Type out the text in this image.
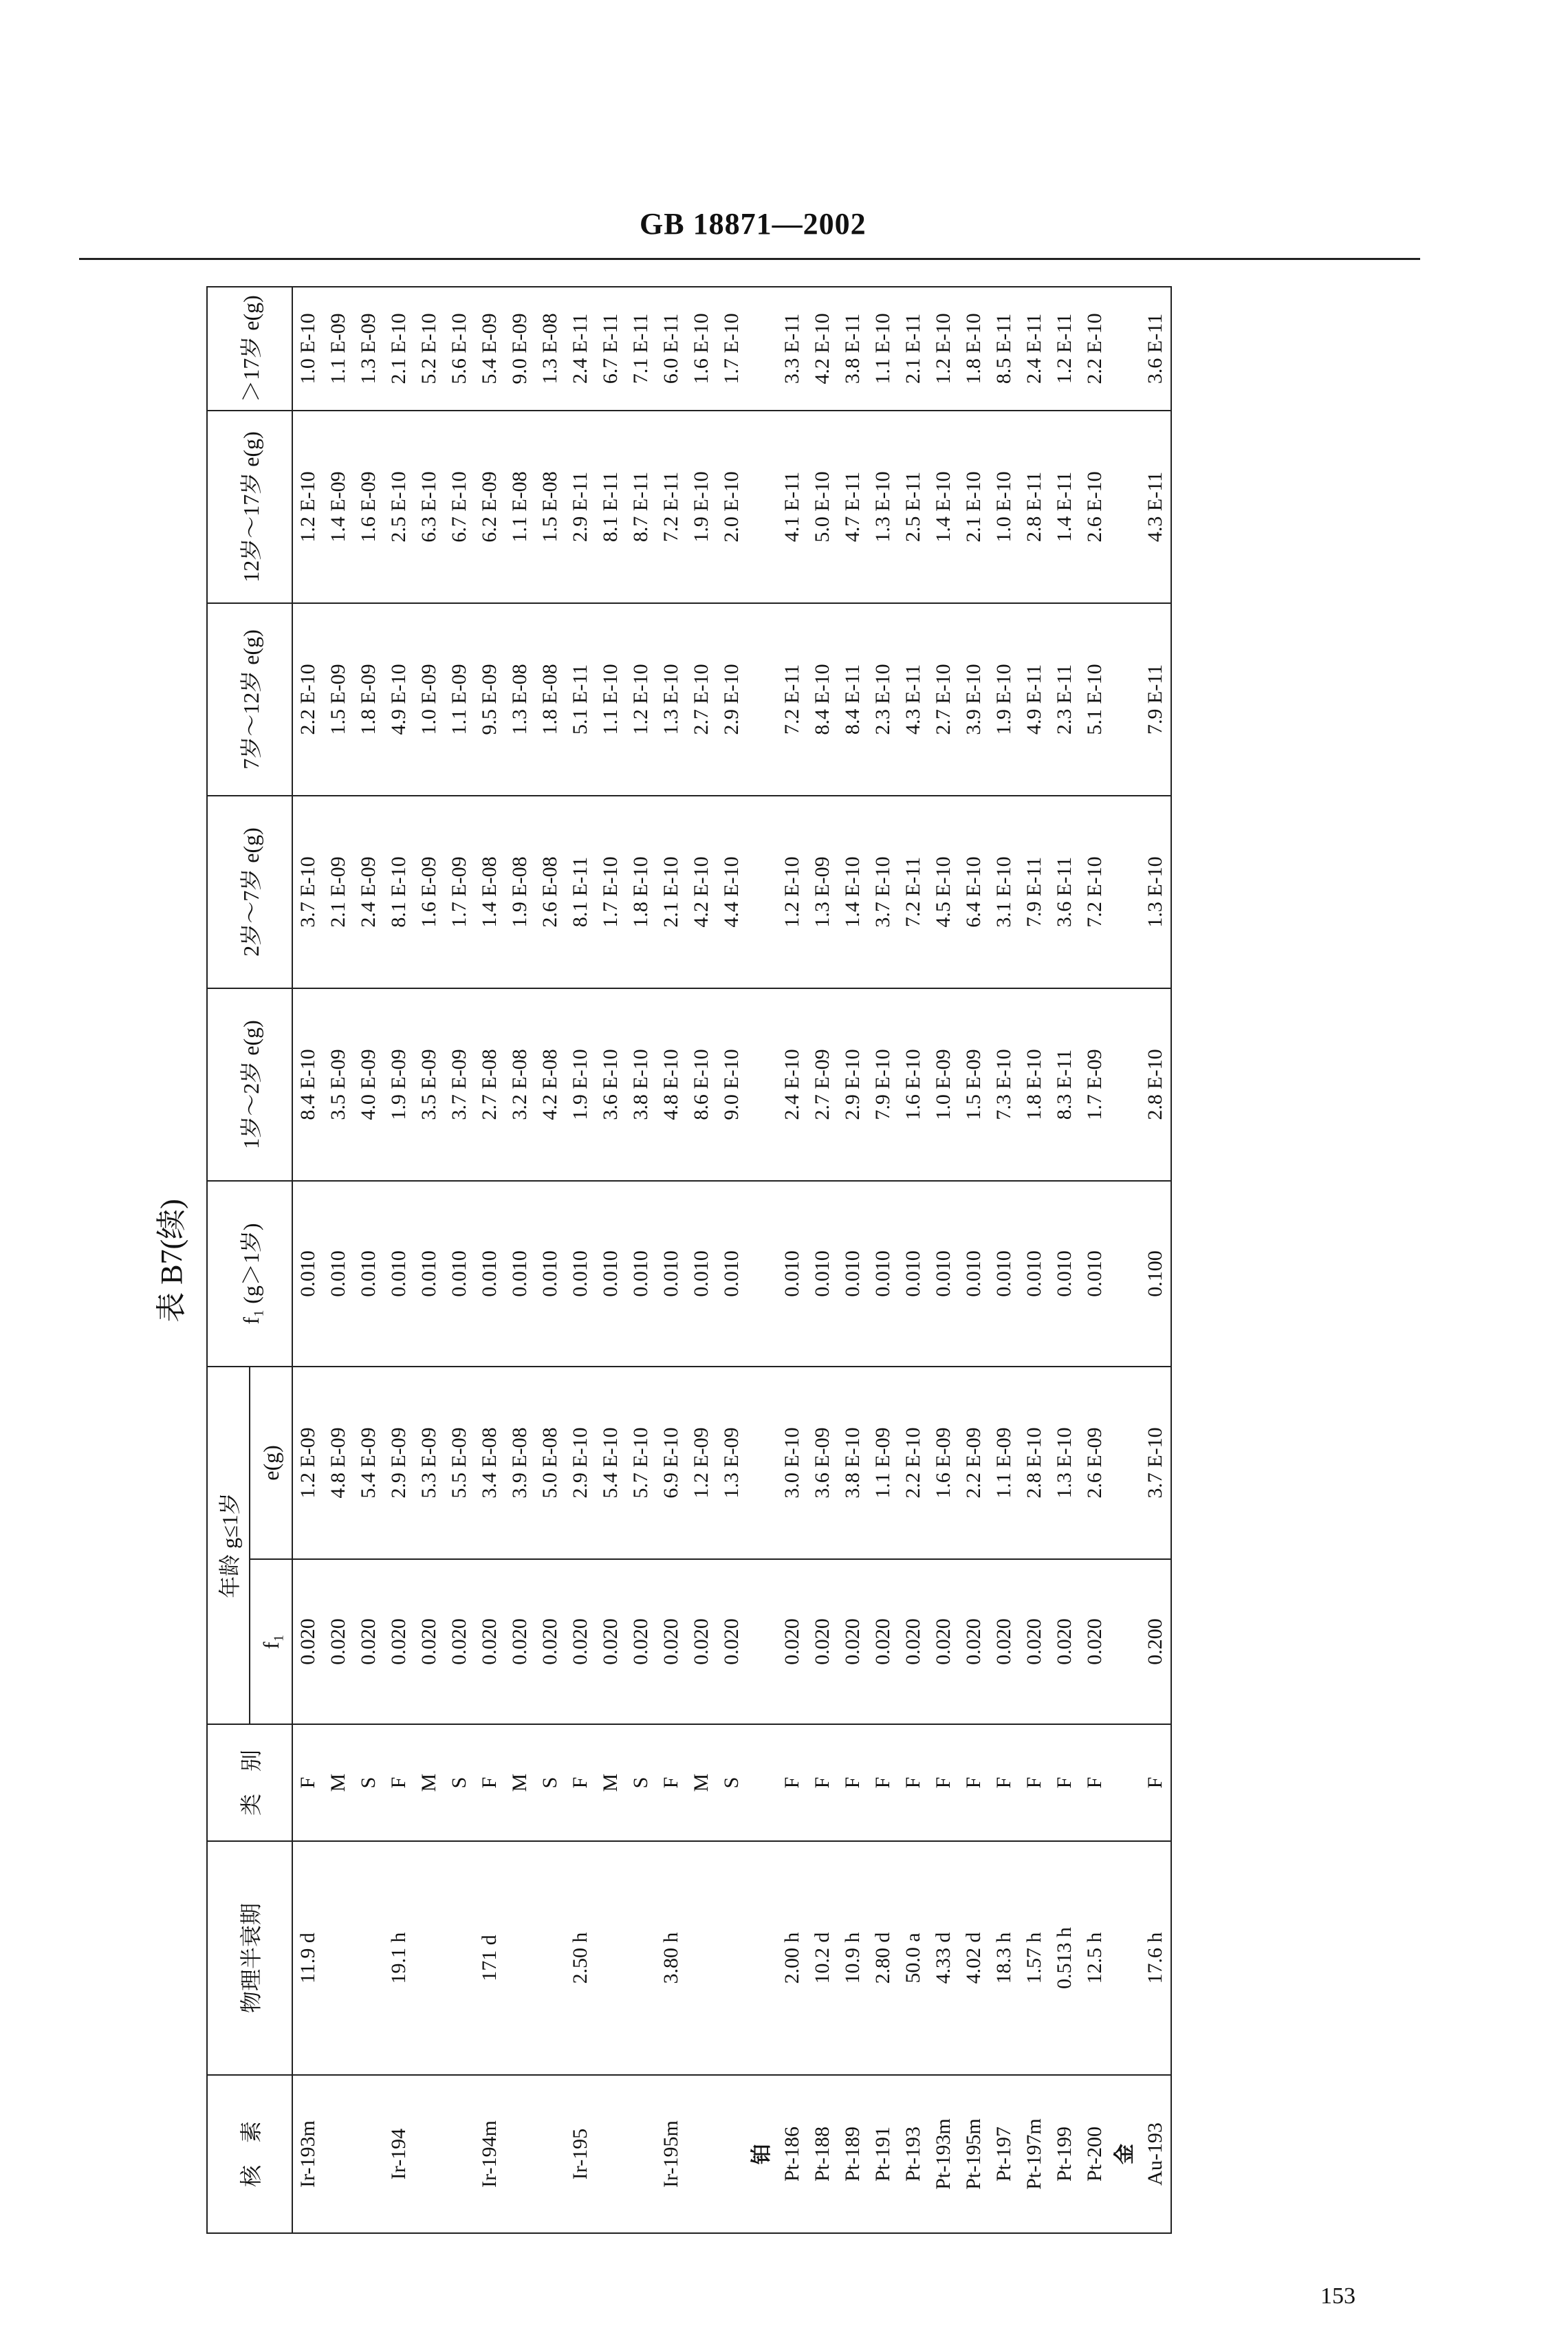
GB 18871—2002
表 B7(续)
核　素	物理半衰期	类　别	年龄 g≤1岁		f₁ (g＞1岁)	1岁～2岁 e(g)	2岁～7岁 e(g)	7岁～12岁 e(g)	12岁～17岁 e(g)	＞17岁 e(g)
			f₁	e(g)						
Ir-193m	11.9 d	F	0.020	1.2 E-09	0.010	8.4 E-10	3.7 E-10	2.2 E-10	1.2 E-10	1.0 E-10
		M	0.020	4.8 E-09	0.010	3.5 E-09	2.1 E-09	1.5 E-09	1.4 E-09	1.1 E-09
		S	0.020	5.4 E-09	0.010	4.0 E-09	2.4 E-09	1.8 E-09	1.6 E-09	1.3 E-09
Ir-194	19.1 h	F	0.020	2.9 E-09	0.010	1.9 E-09	8.1 E-10	4.9 E-10	2.5 E-10	2.1 E-10
		M	0.020	5.3 E-09	0.010	3.5 E-09	1.6 E-09	1.0 E-09	6.3 E-10	5.2 E-10
		S	0.020	5.5 E-09	0.010	3.7 E-09	1.7 E-09	1.1 E-09	6.7 E-10	5.6 E-10
Ir-194m	171 d	F	0.020	3.4 E-08	0.010	2.7 E-08	1.4 E-08	9.5 E-09	6.2 E-09	5.4 E-09
		M	0.020	3.9 E-08	0.010	3.2 E-08	1.9 E-08	1.3 E-08	1.1 E-08	9.0 E-09
		S	0.020	5.0 E-08	0.010	4.2 E-08	2.6 E-08	1.8 E-08	1.5 E-08	1.3 E-08
Ir-195	2.50 h	F	0.020	2.9 E-10	0.010	1.9 E-10	8.1 E-11	5.1 E-11	2.9 E-11	2.4 E-11
		M	0.020	5.4 E-10	0.010	3.6 E-10	1.7 E-10	1.1 E-10	8.1 E-11	6.7 E-11
		S	0.020	5.7 E-10	0.010	3.8 E-10	1.8 E-10	1.2 E-10	8.7 E-11	7.1 E-11
Ir-195m	3.80 h	F	0.020	6.9 E-10	0.010	4.8 E-10	2.1 E-10	1.3 E-10	7.2 E-11	6.0 E-11
		M	0.020	1.2 E-09	0.010	8.6 E-10	4.2 E-10	2.7 E-10	1.9 E-10	1.6 E-10
		S	0.020	1.3 E-09	0.010	9.0 E-10	4.4 E-10	2.9 E-10	2.0 E-10	1.7 E-10
铂										
Pt-186	2.00 h	F	0.020	3.0 E-10	0.010	2.4 E-10	1.2 E-10	7.2 E-11	4.1 E-11	3.3 E-11
Pt-188	10.2 d	F	0.020	3.6 E-09	0.010	2.7 E-09	1.3 E-09	8.4 E-10	5.0 E-10	4.2 E-10
Pt-189	10.9 h	F	0.020	3.8 E-10	0.010	2.9 E-10	1.4 E-10	8.4 E-11	4.7 E-11	3.8 E-11
Pt-191	2.80 d	F	0.020	1.1 E-09	0.010	7.9 E-10	3.7 E-10	2.3 E-10	1.3 E-10	1.1 E-10
Pt-193	50.0 a	F	0.020	2.2 E-10	0.010	1.6 E-10	7.2 E-11	4.3 E-11	2.5 E-11	2.1 E-11
Pt-193m	4.33 d	F	0.020	1.6 E-09	0.010	1.0 E-09	4.5 E-10	2.7 E-10	1.4 E-10	1.2 E-10
Pt-195m	4.02 d	F	0.020	2.2 E-09	0.010	1.5 E-09	6.4 E-10	3.9 E-10	2.1 E-10	1.8 E-10
Pt-197	18.3 h	F	0.020	1.1 E-09	0.010	7.3 E-10	3.1 E-10	1.9 E-10	1.0 E-10	8.5 E-11
Pt-197m	1.57 h	F	0.020	2.8 E-10	0.010	1.8 E-10	7.9 E-11	4.9 E-11	2.8 E-11	2.4 E-11
Pt-199	0.513 h	F	0.020	1.3 E-10	0.010	8.3 E-11	3.6 E-11	2.3 E-11	1.4 E-11	1.2 E-11
Pt-200	12.5 h	F	0.020	2.6 E-09	0.010	1.7 E-09	7.2 E-10	5.1 E-10	2.6 E-10	2.2 E-10
金										
Au-193	17.6 h	F	0.200	3.7 E-10	0.100	2.8 E-10	1.3 E-10	7.9 E-11	4.3 E-11	3.6 E-11
153
